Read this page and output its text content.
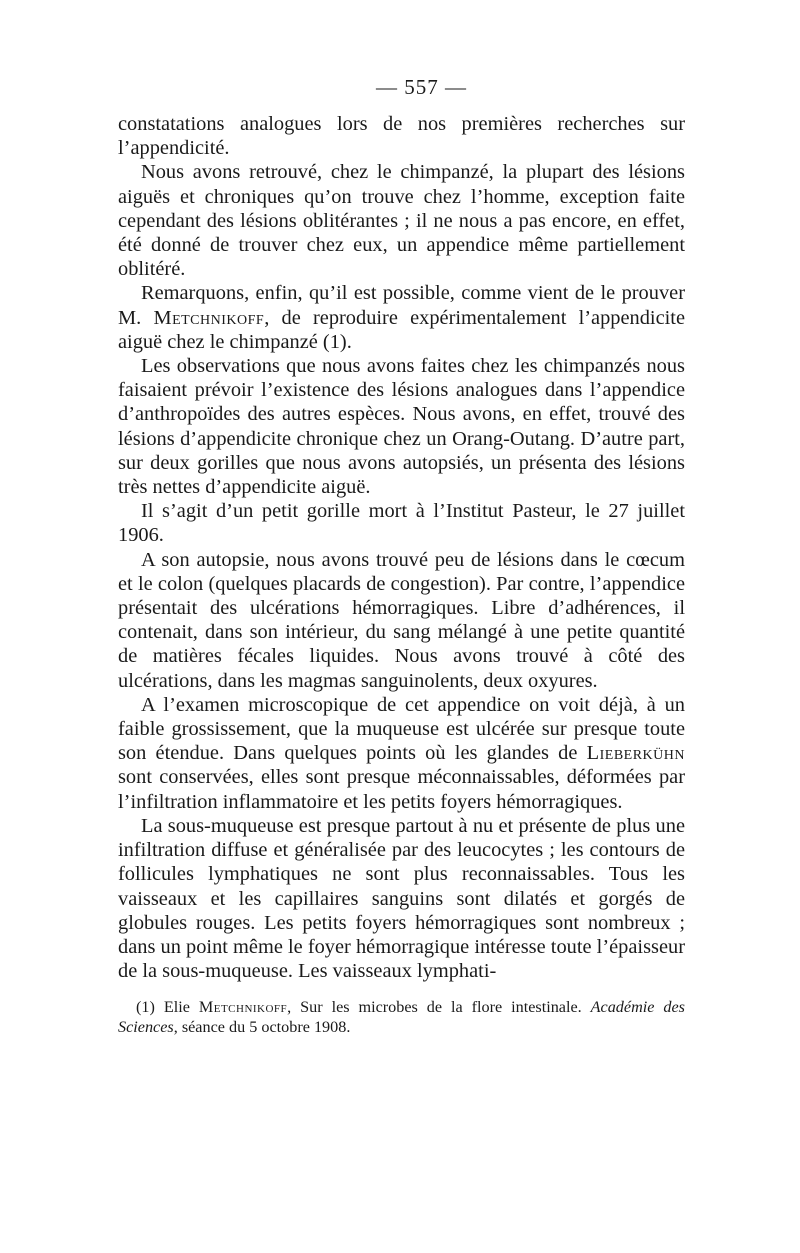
— 557 —

constatations analogues lors de nos premières recherches sur l’appendicité.

Nous avons retrouvé, chez le chimpanzé, la plupart des lésions aiguës et chroniques qu’on trouve chez l’homme, exception faite cependant des lésions oblitérantes ; il ne nous a pas encore, en effet, été donné de trouver chez eux, un appendice même partiellement oblitéré.

Remarquons, enfin, qu’il est possible, comme vient de le prouver M. Metchnikoff, de reproduire expérimentalement l’appendicite aiguë chez le chimpanzé (1).

Les observations que nous avons faites chez les chimpanzés nous faisaient prévoir l’existence des lésions analogues dans l’appendice d’anthropoïdes des autres espèces. Nous avons, en effet, trouvé des lésions d’appendicite chronique chez un Orang-Outang. D’autre part, sur deux gorilles que nous avons autopsiés, un présenta des lésions très nettes d’appendicite aiguë.

Il s’agit d’un petit gorille mort à l’Institut Pasteur, le 27 juillet 1906.

A son autopsie, nous avons trouvé peu de lésions dans le cœcum et le colon (quelques placards de congestion). Par contre, l’appendice présentait des ulcérations hémorragiques. Libre d’adhérences, il contenait, dans son intérieur, du sang mélangé à une petite quantité de matières fécales liquides. Nous avons trouvé à côté des ulcérations, dans les magmas sanguinolents, deux oxyures.

A l’examen microscopique de cet appendice on voit déjà, à un faible grossissement, que la muqueuse est ulcérée sur presque toute son étendue. Dans quelques points où les glandes de Lieberkühn sont conservées, elles sont presque méconnaissables, déformées par l’infiltration inflammatoire et les petits foyers hémorragiques.

La sous-muqueuse est presque partout à nu et présente de plus une infiltration diffuse et généralisée par des leucocytes ; les contours de follicules lymphatiques ne sont plus reconnaissables. Tous les vaisseaux et les capillaires sanguins sont dilatés et gorgés de globules rouges. Les petits foyers hémorragiques sont nombreux ; dans un point même le foyer hémorragique intéresse toute l’épaisseur de la sous-muqueuse. Les vaisseaux lymphati-

(1) Elie Metchnikoff, Sur les microbes de la flore intestinale. Académie des Sciences, séance du 5 octobre 1908.
